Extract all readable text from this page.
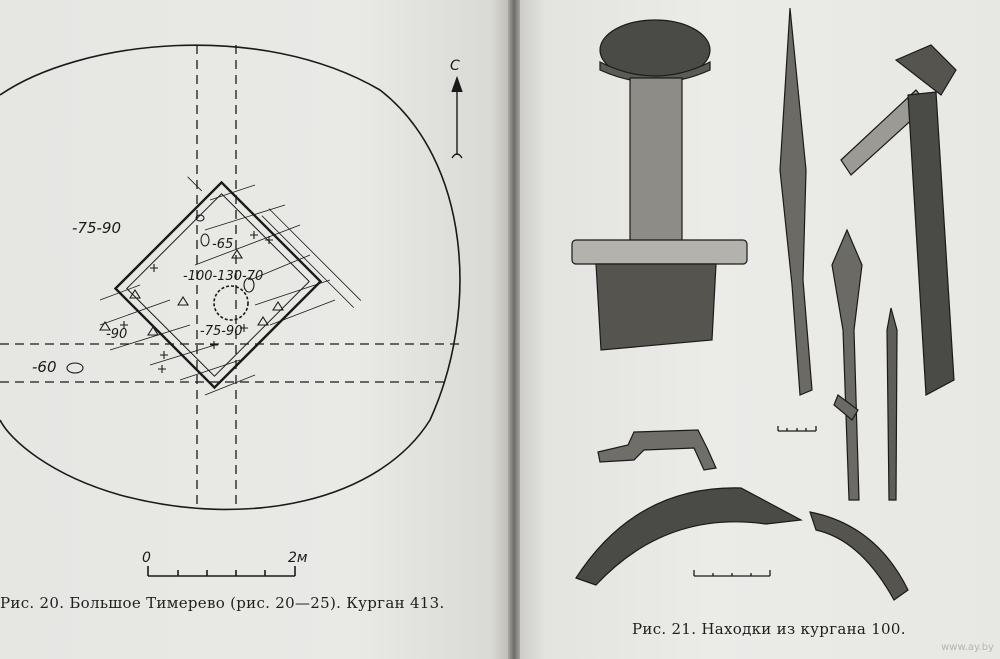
С
-75-90
-65
-100-130-70
-75-90
-90
-60
0	2м
Рис. 20. Большое Тимерево (рис. 20—25). Курган 413.
Рис. 21. Находки из кургана 100.
www.ay.by
